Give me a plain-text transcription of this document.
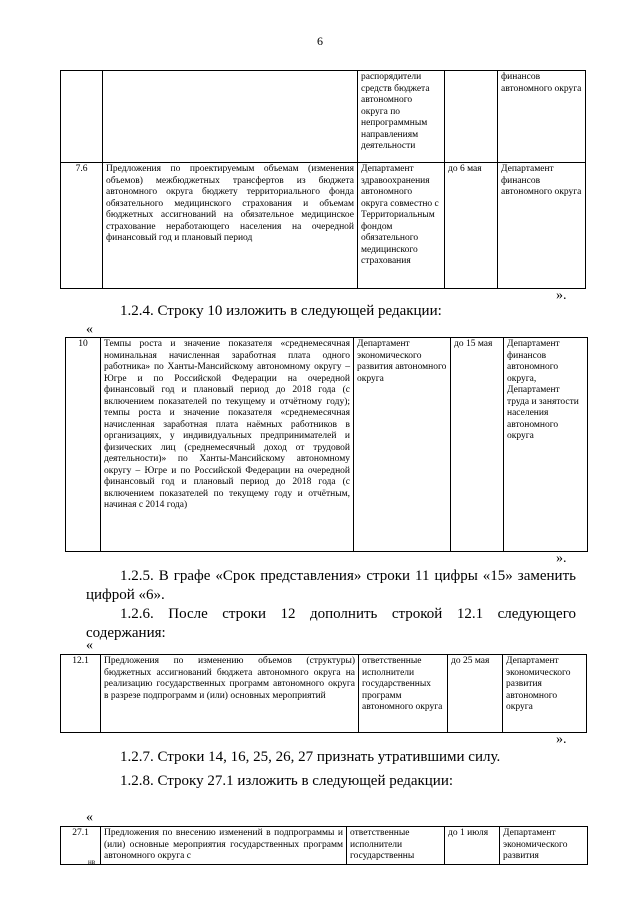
6
		распорядители средств бюджета автономного округа по непрограммным направлениям деятельности		финансов автономного округа
7.6	Предложения по проектируемым объемам (изменения объемов) межбюджетных трансфертов из бюджета автономного округа бюджету территориального фонда обязательного медицинского страхования и объемам бюджетных ассигнований на обязательное медицинское страхование неработающего населения на очередной финансовый год и плановый период	Департамент здравоохранения автономного округа совместно с Территориальным фондом обязательного медицинского страхования	до 6 мая	Департамент финансов автономного округа
».
1.2.4. Строку 10 изложить в следующей редакции:
«
10	Темпы роста и значение показателя «среднемесячная номинальная начисленная заработная плата одного работника» по Ханты-Мансийскому автономному округу – Югре и по Российской Федерации на очередной финансовый год и плановый период до 2018 года (с включением показателей по текущему и отчётному году); темпы роста и значение показателя «среднемесячная начисленная заработная плата наёмных работников в организациях, у индивидуальных предпринимателей и физических лиц (среднемесячный доход от трудовой деятельности)» по Ханты-Мансийскому автономному округу – Югре и по Российской Федерации на очередной финансовый год и плановый период до 2018 года (с включением показателей по текущему году и отчётным, начиная с 2014 года)	Департамент экономического развития автономного округа	до 15 мая	Департамент финансов автономного округа, Департамент труда и занятости населения автономного округа
».
1.2.5. В графе «Срок представления» строки 11 цифры «15» заменить цифрой «6».
1.2.6. После строки 12 дополнить строкой 12.1 следующего содержания:
«
12.1	Предложения по изменению объемов (структуры) бюджетных ассигнований бюджета автономного округа на реализацию государственных программ автономного округа в разрезе подпрограмм и (или) основных мероприятий	ответственные исполнители государственных программ автономного округа	до 25 мая	Департамент экономического развития автономного округа
».
1.2.7. Строки 14, 16, 25, 26, 27 признать утратившими силу.
1.2.8. Строку 27.1 изложить в следующей редакции:
«
27.1	Предложения по внесению изменений в подпрограммы и (или) основные мероприятия государственных программ автономного округа с	ответственные исполнители государственны	до 1 июля	Департамент экономического развития
нв
